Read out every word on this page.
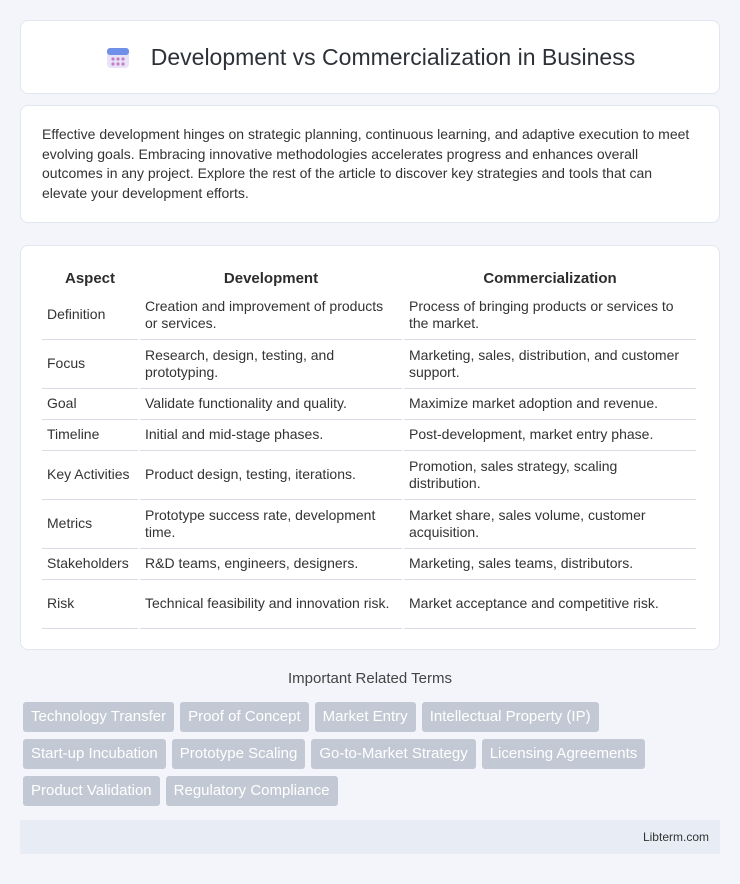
Development vs Commercialization in Business

Effective development hinges on strategic planning, continuous learning, and adaptive execution to meet evolving goals. Embracing innovative methodologies accelerates progress and enhances overall outcomes in any project. Explore the rest of the article to discover key strategies and tools that can elevate your development efforts.

Aspect	Development	Commercialization
Definition	Creation and improvement of products or services.	Process of bringing products or services to the market.
Focus	Research, design, testing, and prototyping.	Marketing, sales, distribution, and customer support.
Goal	Validate functionality and quality.	Maximize market adoption and revenue.
Timeline	Initial and mid-stage phases.	Post-development, market entry phase.
Key Activities	Product design, testing, iterations.	Promotion, sales strategy, scaling distribution.
Metrics	Prototype success rate, development time.	Market share, sales volume, customer acquisition.
Stakeholders	R&D teams, engineers, designers.	Marketing, sales teams, distributors.
Risk	Technical feasibility and innovation risk.	Market acceptance and competitive risk.
Important Related Terms
Technology Transfer	Proof of Concept	Market Entry	Intellectual Property (IP)
Start-up Incubation	Prototype Scaling	Go-to-Market Strategy	Licensing Agreements
Product Validation	Regulatory Compliance
Libterm.com
